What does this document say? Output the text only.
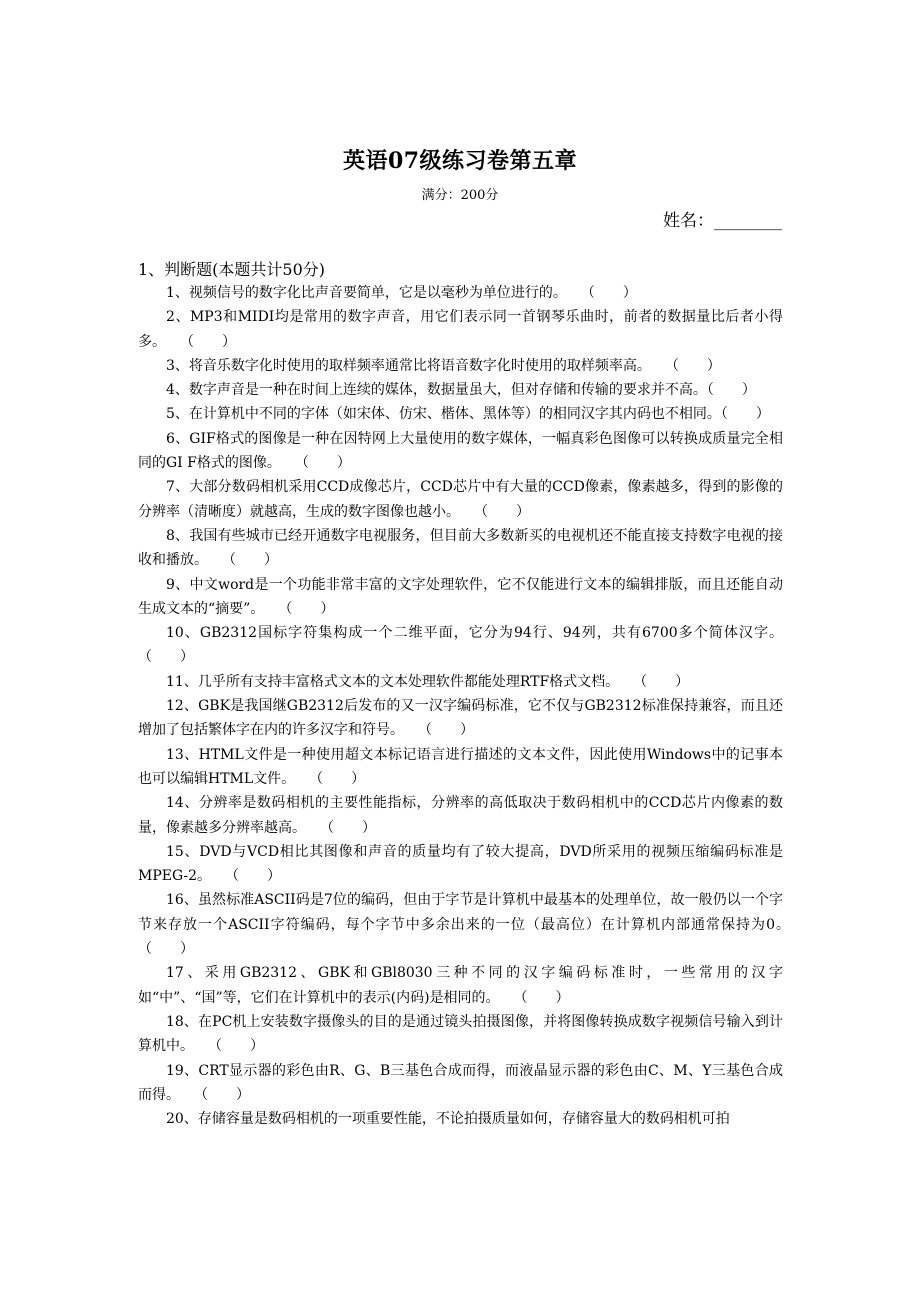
英语07级练习卷第五章
满分：200分
姓名：________
1、判断题(本题共计50分)

1、视频信号的数字化比声音要简单，它是以毫秒为单位进行的。　　（　　）

2、MP3和MIDI均是常用的数字声音，用它们表示同一首钢琴乐曲时，前者的数据量比后者小得多。　　（　　）

3、将音乐数字化时使用的取样频率通常比将语音数字化时使用的取样频率高。　　（　　）

4、数字声音是一种在时间上连续的媒体，数据量虽大，但对存储和传输的要求并不高。（　　）

5、在计算机中不同的字体（如宋体、仿宋、楷体、黑体等）的相同汉字其内码也不相同。（　　）

6、GIF格式的图像是一种在因特网上大量使用的数字媒体，一幅真彩色图像可以转换成质量完全相同的GI F格式的图像。　　（　　）

7、大部分数码相机采用CCD成像芯片，CCD芯片中有大量的CCD像素，像素越多，得到的影像的分辨率（清晰度）就越高，生成的数字图像也越小。　　（　　）

8、我国有些城市已经开通数字电视服务，但目前大多数新买的电视机还不能直接支持数字电视的接收和播放。　　（　　）

9、中文word是一个功能非常丰富的文字处理软件，它不仅能进行文本的编辑排版，而且还能自动生成文本的“摘要”。　　（　　）

10、GB2312国标字符集构成一个二维平面，它分为94行、94列，共有6700多个简体汉字。（　　）

11、几乎所有支持丰富格式文本的文本处理软件都能处理RTF格式文档。　　（　　）

12、GBK是我国继GB2312后发布的又一汉字编码标准，它不仅与GB2312标准保持兼容，而且还增加了包括繁体字在内的许多汉字和符号。　　（　　）

13、HTML文件是一种使用超文本标记语言进行描述的文本文件，因此使用Windows中的记事本也可以编辑HTML文件。　　（　　）

14、分辨率是数码相机的主要性能指标，分辨率的高低取决于数码相机中的CCD芯片内像素的数量，像素越多分辨率越高。　　（　　）

15、DVD与VCD相比其图像和声音的质量均有了较大提高，DVD所采用的视频压缩编码标准是MPEG-2。　　（　　）

16、虽然标准ASCII码是7位的编码，但由于字节是计算机中最基本的处理单位，故一般仍以一个字节来存放一个ASCII字符编码，每个字节中多余出来的一位（最高位）在计算机内部通常保持为0。　　（　　）

17、采用GB2312、GBK和GBl8030三种不同的汉字编码标准时，一些常用的汉字如“中”、“国”等，它们在计算机中的表示(内码)是相同的。　　（　　）

18、在PC机上安装数字摄像头的目的是通过镜头拍摄图像，并将图像转换成数字视频信号输入到计算机中。　　（　　）

19、CRT显示器的彩色由R、G、B三基色合成而得，而液晶显示器的彩色由C、M、Y三基色合成而得。　　（　　）

20、存储容量是数码相机的一项重要性能，不论拍摄质量如何，存储容量大的数码相机可拍
